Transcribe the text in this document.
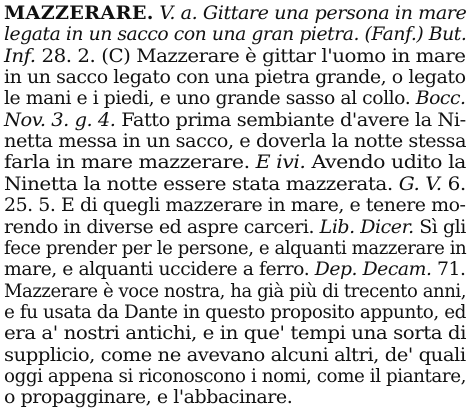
MAZZERARE. V. a. Gittare una persona in mare
legata in un sacco con una gran pietra. (Fanf.) But.
Inf. 28. 2. (C) Mazzerare è gittar l'uomo in mare
in un sacco legato con una pietra grande, o legato
le mani e i piedi, e uno grande sasso al collo. Bocc.
Nov. 3. g. 4. Fatto prima sembiante d'avere la Ni-
netta messa in un sacco, e doverla la notte stessa
farla in mare mazzerare. E ivi. Avendo udito la
Ninetta la notte essere stata mazzerata. G. V. 6.
25. 5. E di quegli mazzerare in mare, e tenere mo-
rendo in diverse ed aspre carceri. Lib. Dicer. Sì gli
fece prender per le persone, e alquanti mazzerare in
mare, e alquanti uccidere a ferro. Dep. Decam. 71.
Mazzerare è voce nostra, ha già più di trecento anni,
e fu usata da Dante in questo proposito appunto, ed
era a' nostri antichi, e in que' tempi una sorta di
supplicio, come ne avevano alcuni altri, de' quali
oggi appena si riconoscono i nomi, come il piantare,
o propagginare, e l'abbacinare.
